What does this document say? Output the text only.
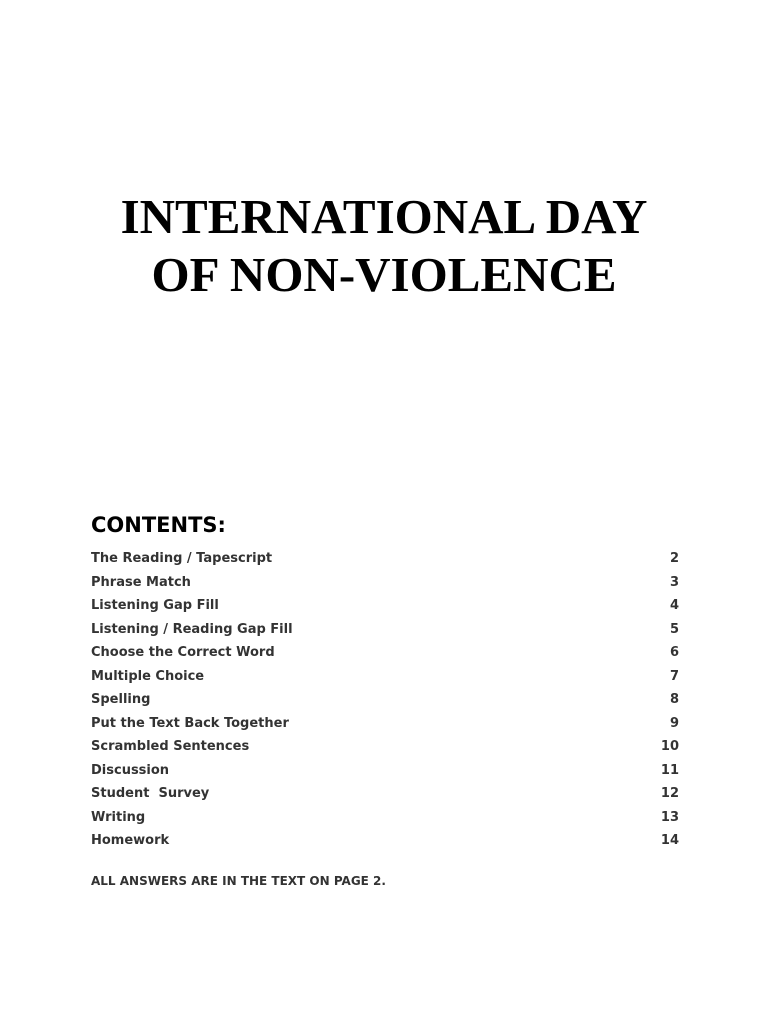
INTERNATIONAL DAY
OF NON-VIOLENCE
CONTENTS:
The Reading / Tapescript	2
Phrase Match	3
Listening Gap Fill	4
Listening / Reading Gap Fill	5
Choose the Correct Word	6
Multiple Choice	7
Spelling	8
Put the Text Back Together	9
Scrambled Sentences	10
Discussion	11
Student  Survey	12
Writing	13
Homework	14
ALL ANSWERS ARE IN THE TEXT ON PAGE 2.
